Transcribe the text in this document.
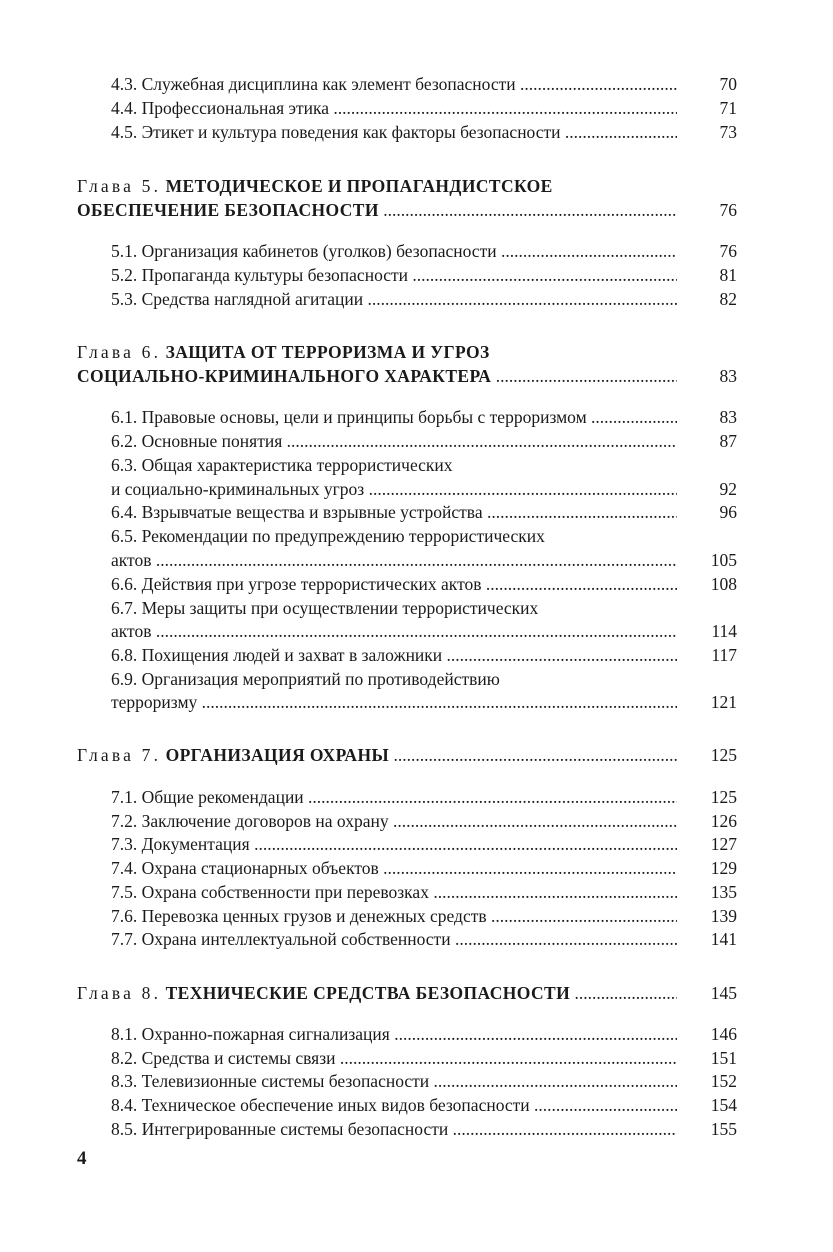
4.3. Служебная дисциплина как элемент безопасности .....	70
4.4. Профессиональная этика .....	71
4.5. Этикет и культура поведения как факторы безопасности .....	73
Глава 5. МЕТОДИЧЕСКОЕ И ПРОПАГАНДИСТСКОЕ
ОБЕСПЕЧЕНИЕ БЕЗОПАСНОСТИ .....	76
5.1. Организация кабинетов (уголков) безопасности .....	76
5.2. Пропаганда культуры безопасности .....	81
5.3. Средства наглядной агитации .....	82
Глава 6. ЗАЩИТА ОТ ТЕРРОРИЗМА И УГРОЗ
СОЦИАЛЬНО-КРИМИНАЛЬНОГО ХАРАКТЕРА .....	83
6.1. Правовые основы, цели и принципы борьбы с терроризмом .....	83
6.2. Основные понятия .....	87
6.3. Общая характеристика террористических
и социально-криминальных угроз .....	92
6.4. Взрывчатые вещества и взрывные устройства .....	96
6.5. Рекомендации по предупреждению террористических
актов .....	105
6.6. Действия при угрозе террористических актов .....	108
6.7. Меры защиты при осуществлении террористических
актов .....	114
6.8. Похищения людей и захват в заложники .....	117
6.9. Организация мероприятий по противодействию
терроризму .....	121
Глава 7. ОРГАНИЗАЦИЯ ОХРАНЫ .....	125
7.1. Общие рекомендации .....	125
7.2. Заключение договоров на охрану .....	126
7.3. Документация .....	127
7.4. Охрана стационарных объектов .....	129
7.5. Охрана собственности при перевозках .....	135
7.6. Перевозка ценных грузов и денежных средств .....	139
7.7. Охрана интеллектуальной собственности .....	141
Глава 8. ТЕХНИЧЕСКИЕ СРЕДСТВА БЕЗОПАСНОСТИ .....	145
8.1. Охранно-пожарная сигнализация .....	146
8.2. Средства и системы связи .....	151
8.3. Телевизионные системы безопасности .....	152
8.4. Техническое обеспечение иных видов безопасности .....	154
8.5. Интегрированные системы безопасности .....	155
4
